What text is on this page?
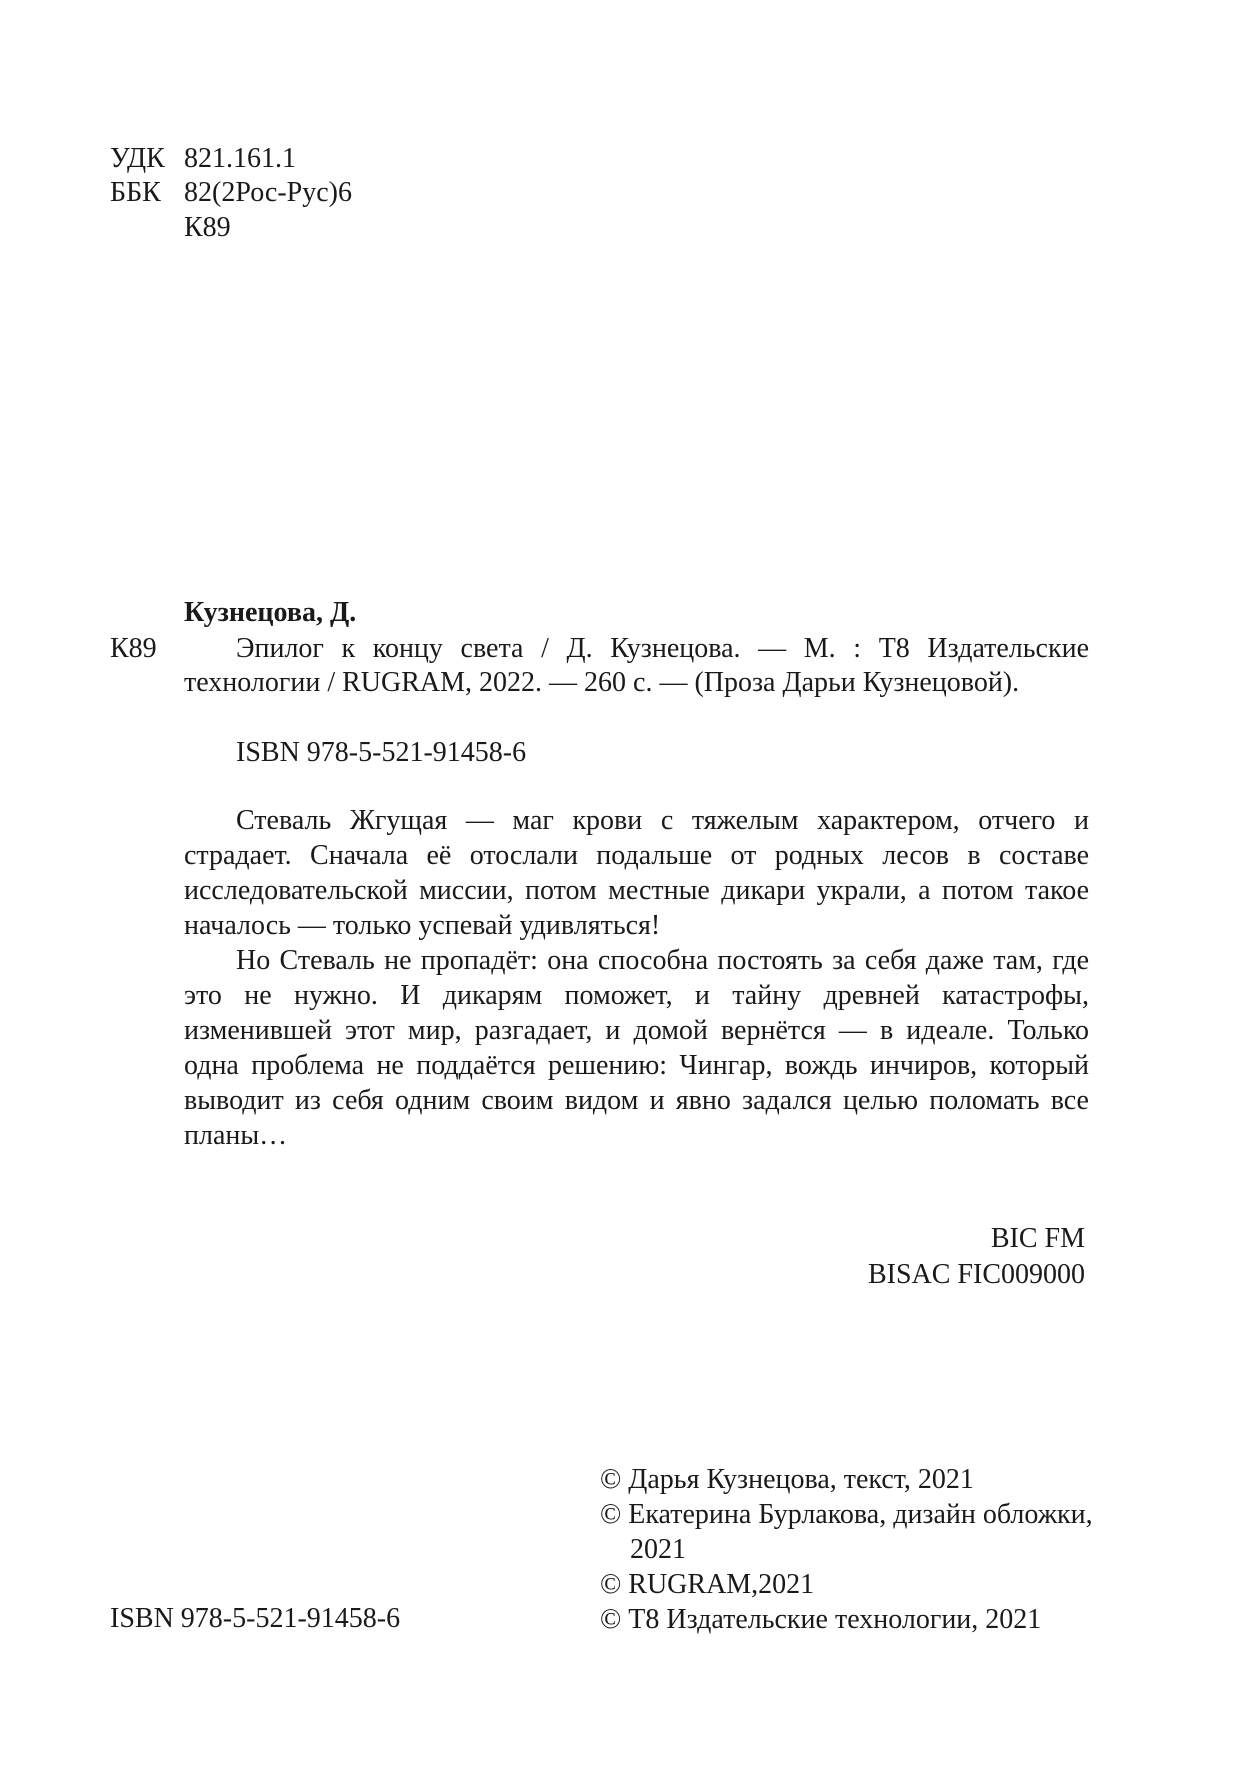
УДК 821.161.1
ББК 82(2Рос-Рус)6
К89
Кузнецова, Д.
К89	Эпилог к концу света / Д. Кузнецова. — М. : Т8 Издательские технологии / RUGRAM, 2022. — 260 с. — (Проза Дарьи Кузнецовой).
ISBN 978-5-521-91458-6
Стеваль Жгущая — маг крови с тяжелым характером, отчего и страдает. Сначала её отослали подальше от родных лесов в составе исследовательской миссии, потом местные дикари украли, а потом такое началось — только успевай удивляться!
Но Стеваль не пропадёт: она способна постоять за себя даже там, где это не нужно. И дикарям поможет, и тайну древней катастрофы, изменившей этот мир, разгадает, и домой вернётся — в идеале. Только одна проблема не поддаётся решению: Чингар, вождь инчиров, который выводит из себя одним своим видом и явно задался целью поломать все планы…
BIC FM
BISAC FIC009000
© Дарья Кузнецова, текст, 2021
© Екатерина Бурлакова, дизайн обложки, 2021
© RUGRAM,2021
© Т8 Издательские технологии, 2021
ISBN 978-5-521-91458-6
